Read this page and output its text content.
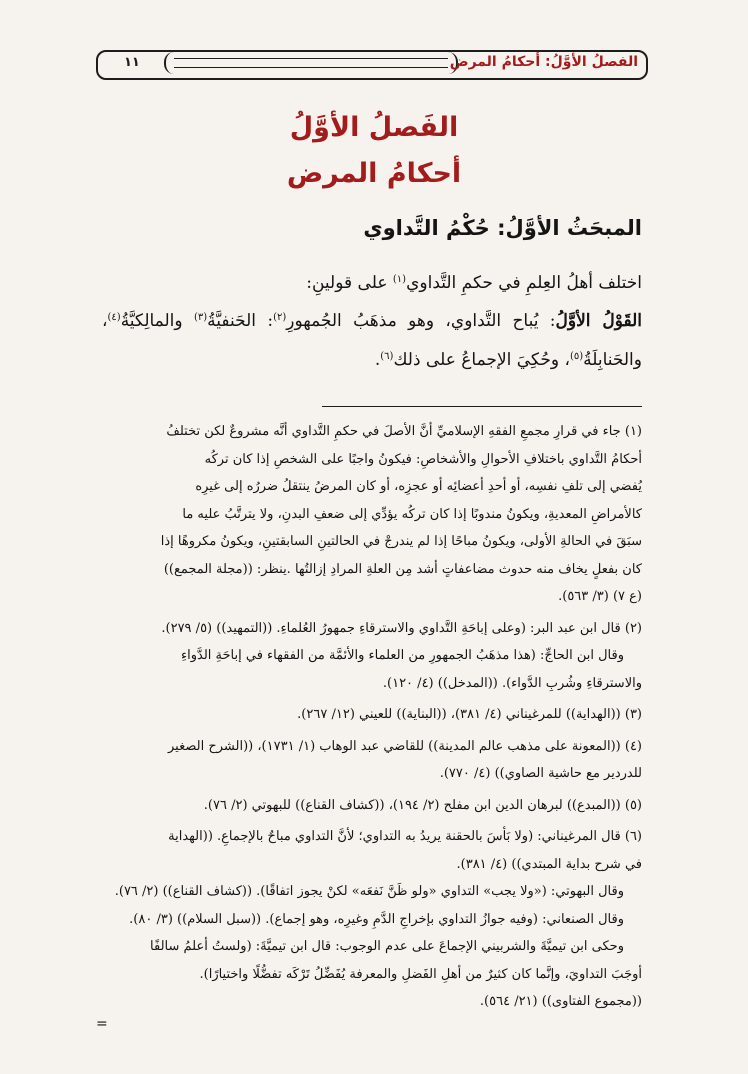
الفصلُ الأوَّلُ: أحكامُ المرض
١١
الفَصلُ الأوَّلُ
أحكامُ المرض
المبحَثُ الأوَّلُ: حُكْمُ التَّداوي
اختلف أهلُ العِلمِ في حكمِ التَّداوي$^{(١)}$ على قولينِ:
القَوْلُ الأوَّلُ: يُباح التَّداوي، وهو مذهَبُ الجُمهورِ$^{(٢)}$: الحَنفيَّةُ$^{(٣)}$ والمالِكيَّةُ$^{(٤)}$، والحَنابِلَةُ$^{(٥)}$، وحُكِيَ الإجماعُ على ذلك$^{(٦)}$.
(١) جاء في قرارِ مجمعِ الفقهِ الإسلاميِّ أنَّ الأصلَ في حكمِ التَّداوي أنَّه مشروعٌ لكن تختلفُ
أحكامُ التَّداوي باختلافِ الأحوالِ والأشخاصِ: فيكونُ واجبًا على الشخصِ إذا كان تركُه
يُفضي إلى تلفِ نفسِه، أو أحدِ أعضائِه أو عجزِه، أو كان المرضُ ينتقلُ ضررُه إلى غيرِه
كالأمراضِ المعديةِ، ويكونُ مندوبًا إذا كان تركُه يؤدِّي إلى ضعفِ البدنِ، ولا يترتَّبُ عليه ما
سبَقَ في الحالةِ الأولى، ويكونُ مباحًا إذا لم يندرجْ في الحالتينِ السابقتينِ، ويكونُ مكروهًا إذا
كان بفعلٍ يخاف منه حدوث مضاعفاتٍ أشد مِن العلةِ المرادِ إزالتُها .ينظر: ((مجلة المجمع))
(ع ٧) (٣/ ٥٦٣).
(٢) قال ابن عبد البر: (وعلى إباحَةِ التَّداوي والاسترقاءِ جمهورُ العُلماءِ. ((التمهيد)) (٥/ ٢٧٩).
وقال ابن الحاجِّ: (هذا مذهَبُ الجمهورِ من العلماء والأئمَّة من الفقهاء في إباحَةِ الدَّواءِ
والاسترقاءِ وشُربِ الدَّواء). ((المدخل)) (٤/ ١٢٠).
(٣) ((الهداية)) للمرغيناني (٤/ ٣٨١)، ((البناية)) للعيني (١٢/ ٢٦٧).
(٤) ((المعونة على مذهب عالم المدينة)) للقاضي عبد الوهاب (١/ ١٧٣١)، ((الشرح الصغير
للدردير مع حاشية الصاوي)) (٤/ ٧٧٠).
(٥) ((المبدع)) لبرهان الدين ابن مفلح (٢/ ١٩٤)، ((كشاف القناع)) للبهوتي (٢/ ٧٦).
(٦) قال المرغيناني: (ولا بَأسَ بالحقنة يريدُ به التداوي؛ لأنَّ التداوي مباحٌ بالإجماعِ. ((الهداية
في شرح بداية المبتدي)) (٤/ ٣٨١).
وقال البهوتي: («ولا يجب» التداوي «ولو ظَنَّ نَفعَه» لكنْ يجوز اتفاقًا). ((كشاف القناع)) (٢/ ٧٦).
وقال الصنعاني: (وفيه جوازُ التداوي بإخراجِ الدَّمِ وغيرِه، وهو إجماع). ((سبل السلام)) (٣/ ٨٠).
وحكى ابن تيميَّةَ والشربيني الإجماعَ على عدم الوجوب: قال ابن تيميَّةَ: (ولستُ أعلمُ سالفًا
أوجَبَ التداويَ، وإنَّما كان كثيرٌ من أهلِ الفَضلِ والمعرفة يُفَضِّلُ تَرْكَه تفضُّلًا واختيارًا).
((مجموع الفتاوى)) (٢١/ ٥٦٤).
=
